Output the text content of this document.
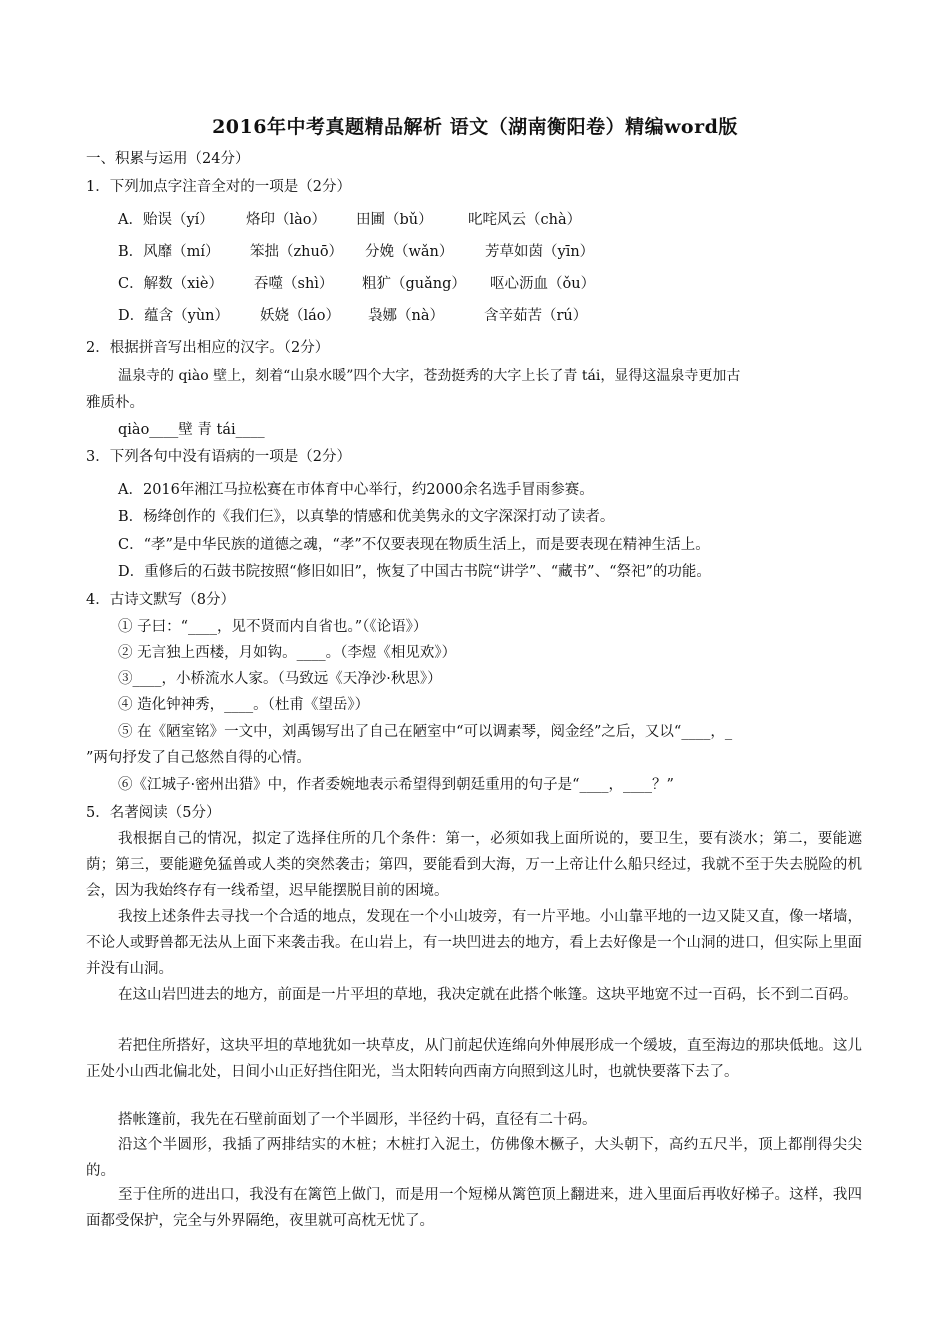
2016年中考真题精品解析 语文（湖南衡阳卷）精编word版
一、积累与运用（24分）
1．下列加点字注音全对的一项是（2分）
A．贻误（yí） 烙印（lào） 田圃（bǔ） 叱咤风云（chà）
B．风靡（mí） 笨拙（zhuō） 分娩（wǎn） 芳草如茵（yīn）
C．解数（xiè） 吞噬（shì） 粗犷（guǎng） 呕心沥血（ǒu）
D．蕴含（yùn） 妖娆（láo） 袅娜（nà）	含辛茹苦（rú）
2．根据拼音写出相应的汉字。（2分）
温泉寺的 qiào 壁上，刻着“山泉水暖”四个大字，苍劲挺秀的大字上长了青 tái，显得这温泉寺更加古
雅质朴。
qiào____壁 青 tái____
3．下列各句中没有语病的一项是（2分）
A．2016年湘江马拉松赛在市体育中心举行，约2000余名选手冒雨参赛。
B．杨绛创作的《我们仨》，以真挚的情感和优美隽永的文字深深打动了读者。
C．“孝”是中华民族的道德之魂，“孝”不仅要表现在物质生活上，而是要表现在精神生活上。
D．重修后的石鼓书院按照“修旧如旧”，恢复了中国古书院“讲学”、“藏书”、“祭祀”的功能。
4．古诗文默写（8分）
① 子曰：“____，见不贤而内自省也。”（《论语》）
② 无言独上西楼，月如钩。____。（李煜《相见欢》）
③____，小桥流水人家。（马致远《天净沙·秋思》）
④ 造化钟神秀，____。（杜甫《望岳》）
⑤ 在《陋室铭》一文中，刘禹锡写出了自己在陋室中“可以调素琴，阅金经”之后，又以“____，_
”两句抒发了自己悠然自得的心情。
⑥《江城子·密州出猎》中，作者委婉地表示希望得到朝廷重用的句子是“____，____？”
5．名著阅读（5分）
我根据自己的情况，拟定了选择住所的几个条件：第一，必须如我上面所说的，要卫生，要有淡水；第二，要能遮荫；第三，要能避免猛兽或人类的突然袭击；第四，要能看到大海，万一上帝让什么船只经过，我就不至于失去脱险的机会，因为我始终存有一线希望，迟早能摆脱目前的困境。
我按上述条件去寻找一个合适的地点，发现在一个小山坡旁，有一片平地。小山靠平地的一边又陡又直，像一堵墙，不论人或野兽都无法从上面下来袭击我。在山岩上，有一块凹进去的地方，看上去好像是一个山洞的进口，但实际上里面并没有山洞。
在这山岩凹进去的地方，前面是一片平坦的草地，我决定就在此搭个帐篷。这块平地宽不过一百码，长不到二百码。
若把住所搭好，这块平坦的草地犹如一块草皮，从门前起伏连绵向外伸展形成一个缓坡，直至海边的那块低地。这儿正处小山西北偏北处，日间小山正好挡住阳光，当太阳转向西南方向照到这儿时，也就快要落下去了。
搭帐篷前，我先在石壁前面划了一个半圆形，半径约十码，直径有二十码。
沿这个半圆形，我插了两排结实的木桩；木桩打入泥土，仿佛像木橛子，大头朝下，高约五尺半，顶上都削得尖尖的。
至于住所的进出口，我没有在篱笆上做门，而是用一个短梯从篱笆顶上翻进来，进入里面后再收好梯子。这样，我四面都受保护，完全与外界隔绝，夜里就可高枕无忧了。
